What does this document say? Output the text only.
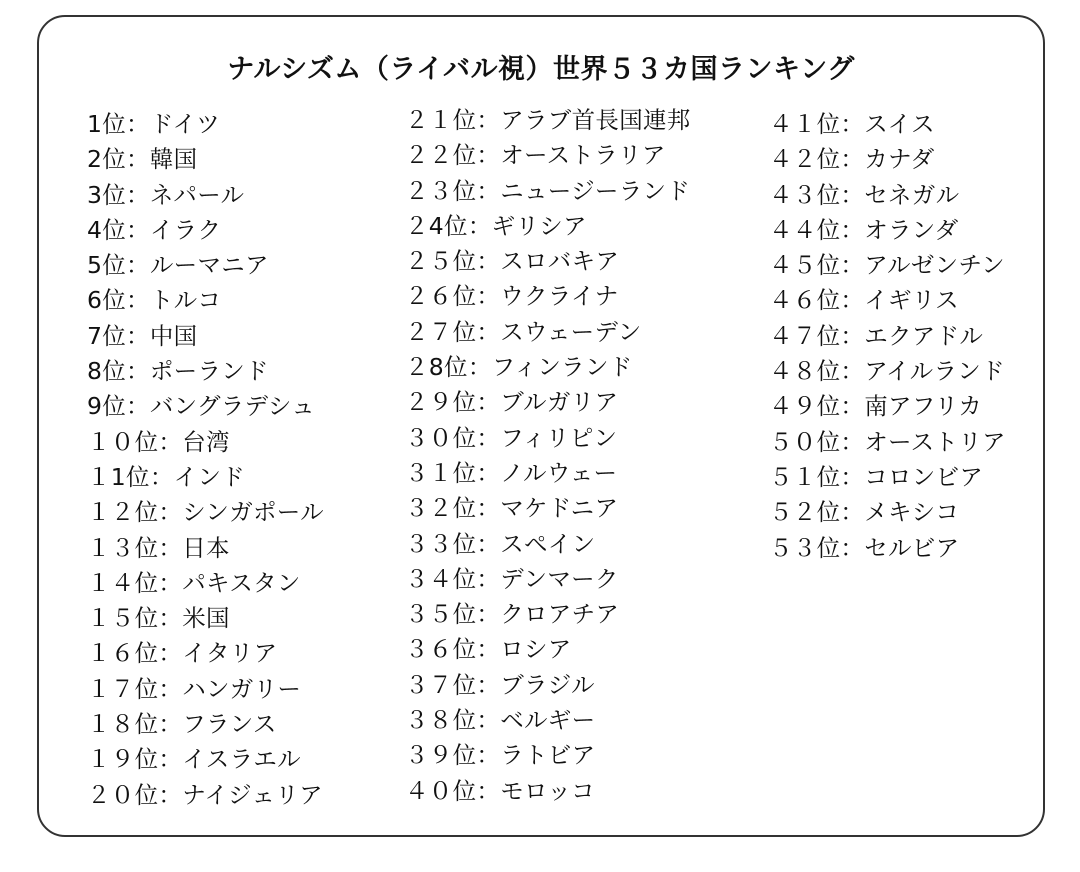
ナルシズム（ライバル視）世界５３カ国ランキング
1位：ドイツ
2位：韓国
3位：ネパール
4位：イラク
5位：ルーマニア
6位：トルコ
7位：中国
8位：ポーランド
9位：バングラデシュ
１０位：台湾
１1位：インド
１２位：シンガポール
１３位：日本
１４位：パキスタン
１５位：米国
１６位：イタリア
１７位：ハンガリー
１８位：フランス
１９位：イスラエル
２０位：ナイジェリア
２１位：アラブ首長国連邦
２２位：オーストラリア
２３位：ニュージーランド
２4位：ギリシア
２５位：スロバキア
２６位：ウクライナ
２７位：スウェーデン
２8位：フィンランド
２９位：ブルガリア
３０位：フィリピン
３１位：ノルウェー
３２位：マケドニア
３３位：スペイン
３４位：デンマーク
３５位：クロアチア
３６位：ロシア
３７位：ブラジル
３８位：ベルギー
３９位：ラトビア
４０位：モロッコ
４１位：スイス
４２位：カナダ
４３位：セネガル
４４位：オランダ
４５位：アルゼンチン
４６位：イギリス
４７位：エクアドル
４８位：アイルランド
４９位：南アフリカ
５０位：オーストリア
５１位：コロンビア
５２位：メキシコ
５３位：セルビア
